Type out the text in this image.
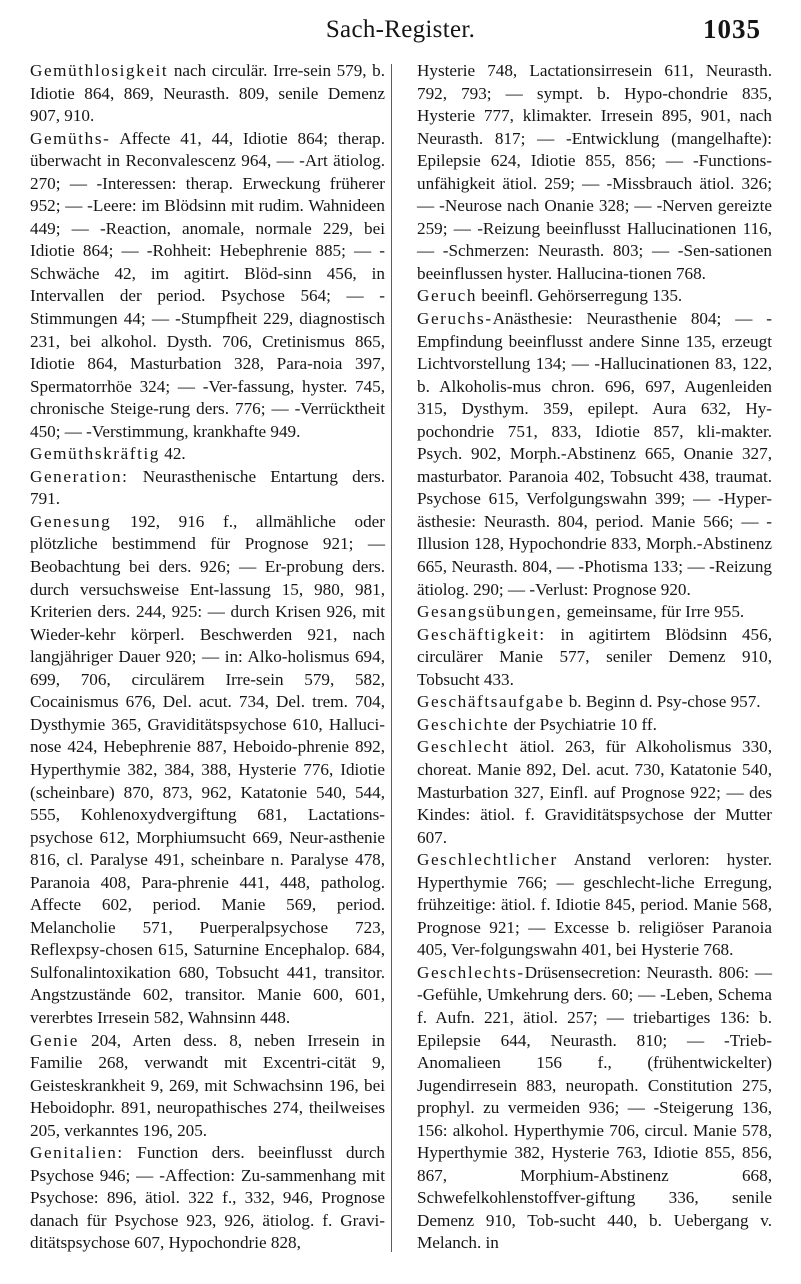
Sach-Register.	1035

Gemüthlosigkeit nach circulär. Irre-sein 579, b. Idiotie 864, 869, Neurasth. 809, senile Demenz 907, 910.

Gemüths- Affecte 41, 44, Idiotie 864; therap. überwacht in Reconvalescenz 964, — -Art ätiolog. 270; — -Interessen: therap. Erweckung früherer 952; — -Leere: im Blödsinn mit rudim. Wahnideen 449; — -Reaction, anomale, normale 229, bei Idiotie 864; — -Rohheit: Hebephrenie 885; — -Schwäche 42, im agitirt. Blöd-sinn 456, in Intervallen der period. Psychose 564; — -Stimmungen 44; — -Stumpfheit 229, diagnostisch 231, bei alkohol. Dysth. 706, Cretinismus 865, Idiotie 864, Masturbation 328, Para-noia 397, Spermatorrhöe 324; — -Ver-fassung, hyster. 745, chronische Steige-rung ders. 776; — -Verrücktheit 450; — -Verstimmung, krankhafte 949.

Gemüthskräftig 42.

Generation: Neurasthenische Entartung ders. 791.

Genesung 192, 916 f., allmähliche oder plötzliche bestimmend für Prognose 921; — Beobachtung bei ders. 926; — Er-probung ders. durch versuchsweise Ent-lassung 15, 980, 981, Kriterien ders. 244, 925: — durch Krisen 926, mit Wieder-kehr körperl. Beschwerden 921, nach langjähriger Dauer 920; — in: Alko-holismus 694, 699, 706, circulärem Irre-sein 579, 582, Cocainismus 676, Del. acut. 734, Del. trem. 704, Dysthymie 365, Graviditätspsychose 610, Halluci-nose 424, Hebephrenie 887, Heboido-phrenie 892, Hyperthymie 382, 384, 388, Hysterie 776, Idiotie (scheinbare) 870, 873, 962, Katatonie 540, 544, 555, Kohlenoxydvergiftung 681, Lactations-psychose 612, Morphiumsucht 669, Neur-asthenie 816, cl. Paralyse 491, scheinbare n. Paralyse 478, Paranoia 408, Para-phrenie 441, 448, patholog. Affecte 602, period. Manie 569, period. Melancholie 571, Puerperalpsychose 723, Reflexpsy-chosen 615, Saturnine Encephalop. 684, Sulfonalintoxikation 680, Tobsucht 441, transitor. Angstzustände 602, transitor. Manie 600, 601, vererbtes Irresein 582, Wahnsinn 448.

Genie 204, Arten dess. 8, neben Irresein in Familie 268, verwandt mit Excentri-cität 9, Geisteskrankheit 9, 269, mit Schwachsinn 196, bei Heboidophr. 891, neuropathisches 274, theilweises 205, verkanntes 196, 205.

Genitalien: Function ders. beeinflusst durch Psychose 946; — -Affection: Zu-sammenhang mit Psychose: 896, ätiol. 322 f., 332, 946, Prognose danach für Psychose 923, 926, ätiolog. f. Gravi-ditätspsychose 607, Hypochondrie 828,

Hysterie 748, Lactationsirresein 611, Neurasth. 792, 793; — sympt. b. Hypo-chondrie 835, Hysterie 777, klimakter. Irresein 895, 901, nach Neurasth. 817; — -Entwicklung (mangelhafte): Epilepsie 624, Idiotie 855, 856; — -Functions-unfähigkeit ätiol. 259; — -Missbrauch ätiol. 326; — -Neurose nach Onanie 328; — -Nerven gereizte 259; — -Reizung beeinflusst Hallucinationen 116, — -Schmerzen: Neurasth. 803; — -Sen-sationen beeinflussen hyster. Hallucina-tionen 768.

Geruch beeinfl. Gehörserregung 135.

Geruchs-Anästhesie: Neurasthenie 804; — -Empfindung beeinflusst andere Sinne 135, erzeugt Lichtvorstellung 134; — -Hallucinationen 83, 122, b. Alkoholis-mus chron. 696, 697, Augenleiden 315, Dysthym. 359, epilept. Aura 632, Hy-pochondrie 751, 833, Idiotie 857, kli-makter. Psych. 902, Morph.-Abstinenz 665, Onanie 327, masturbator. Paranoia 402, Tobsucht 438, traumat. Psychose 615, Verfolgungswahn 399; — -Hyper-ästhesie: Neurasth. 804, period. Manie 566; — -Illusion 128, Hypochondrie 833, Morph.-Abstinenz 665, Neurasth. 804, — -Photisma 133; — -Reizung ätiolog. 290; — -Verlust: Prognose 920.

Gesangsübungen, gemeinsame, für Irre 955.

Geschäftigkeit: in agitirtem Blödsinn 456, circulärer Manie 577, seniler Demenz 910, Tobsucht 433.

Geschäftsaufgabe b. Beginn d. Psy-chose 957.

Geschichte der Psychiatrie 10 ff.

Geschlecht ätiol. 263, für Alkoholismus 330, choreat. Manie 892, Del. acut. 730, Katatonie 540, Masturbation 327, Einfl. auf Prognose 922; — des Kindes: ätiol. f. Graviditätspsychose der Mutter 607.

Geschlechtlicher Anstand verloren: hyster. Hyperthymie 766; — geschlecht-liche Erregung, frühzeitige: ätiol. f. Idiotie 845, period. Manie 568, Prognose 921; — Excesse b. religiöser Paranoia 405, Ver-folgungswahn 401, bei Hysterie 768.

Geschlechts-Drüsensecretion: Neurasth. 806: — -Gefühle, Umkehrung ders. 60; — -Leben, Schema f. Aufn. 221, ätiol. 257; — triebartiges 136: b. Epilepsie 644, Neurasth. 810; — -Trieb-Anomalieen 156 f., (frühentwickelter) Jugendirresein 883, neuropath. Constitution 275, prophyl. zu vermeiden 936; — -Steigerung 136, 156: alkohol. Hyperthymie 706, circul. Manie 578, Hyperthymie 382, Hysterie 763, Idiotie 855, 856, 867, Morphium-Abstinenz 668, Schwefelkohlenstoffver-giftung 336, senile Demenz 910, Tob-sucht 440, b. Uebergang v. Melanch. in
